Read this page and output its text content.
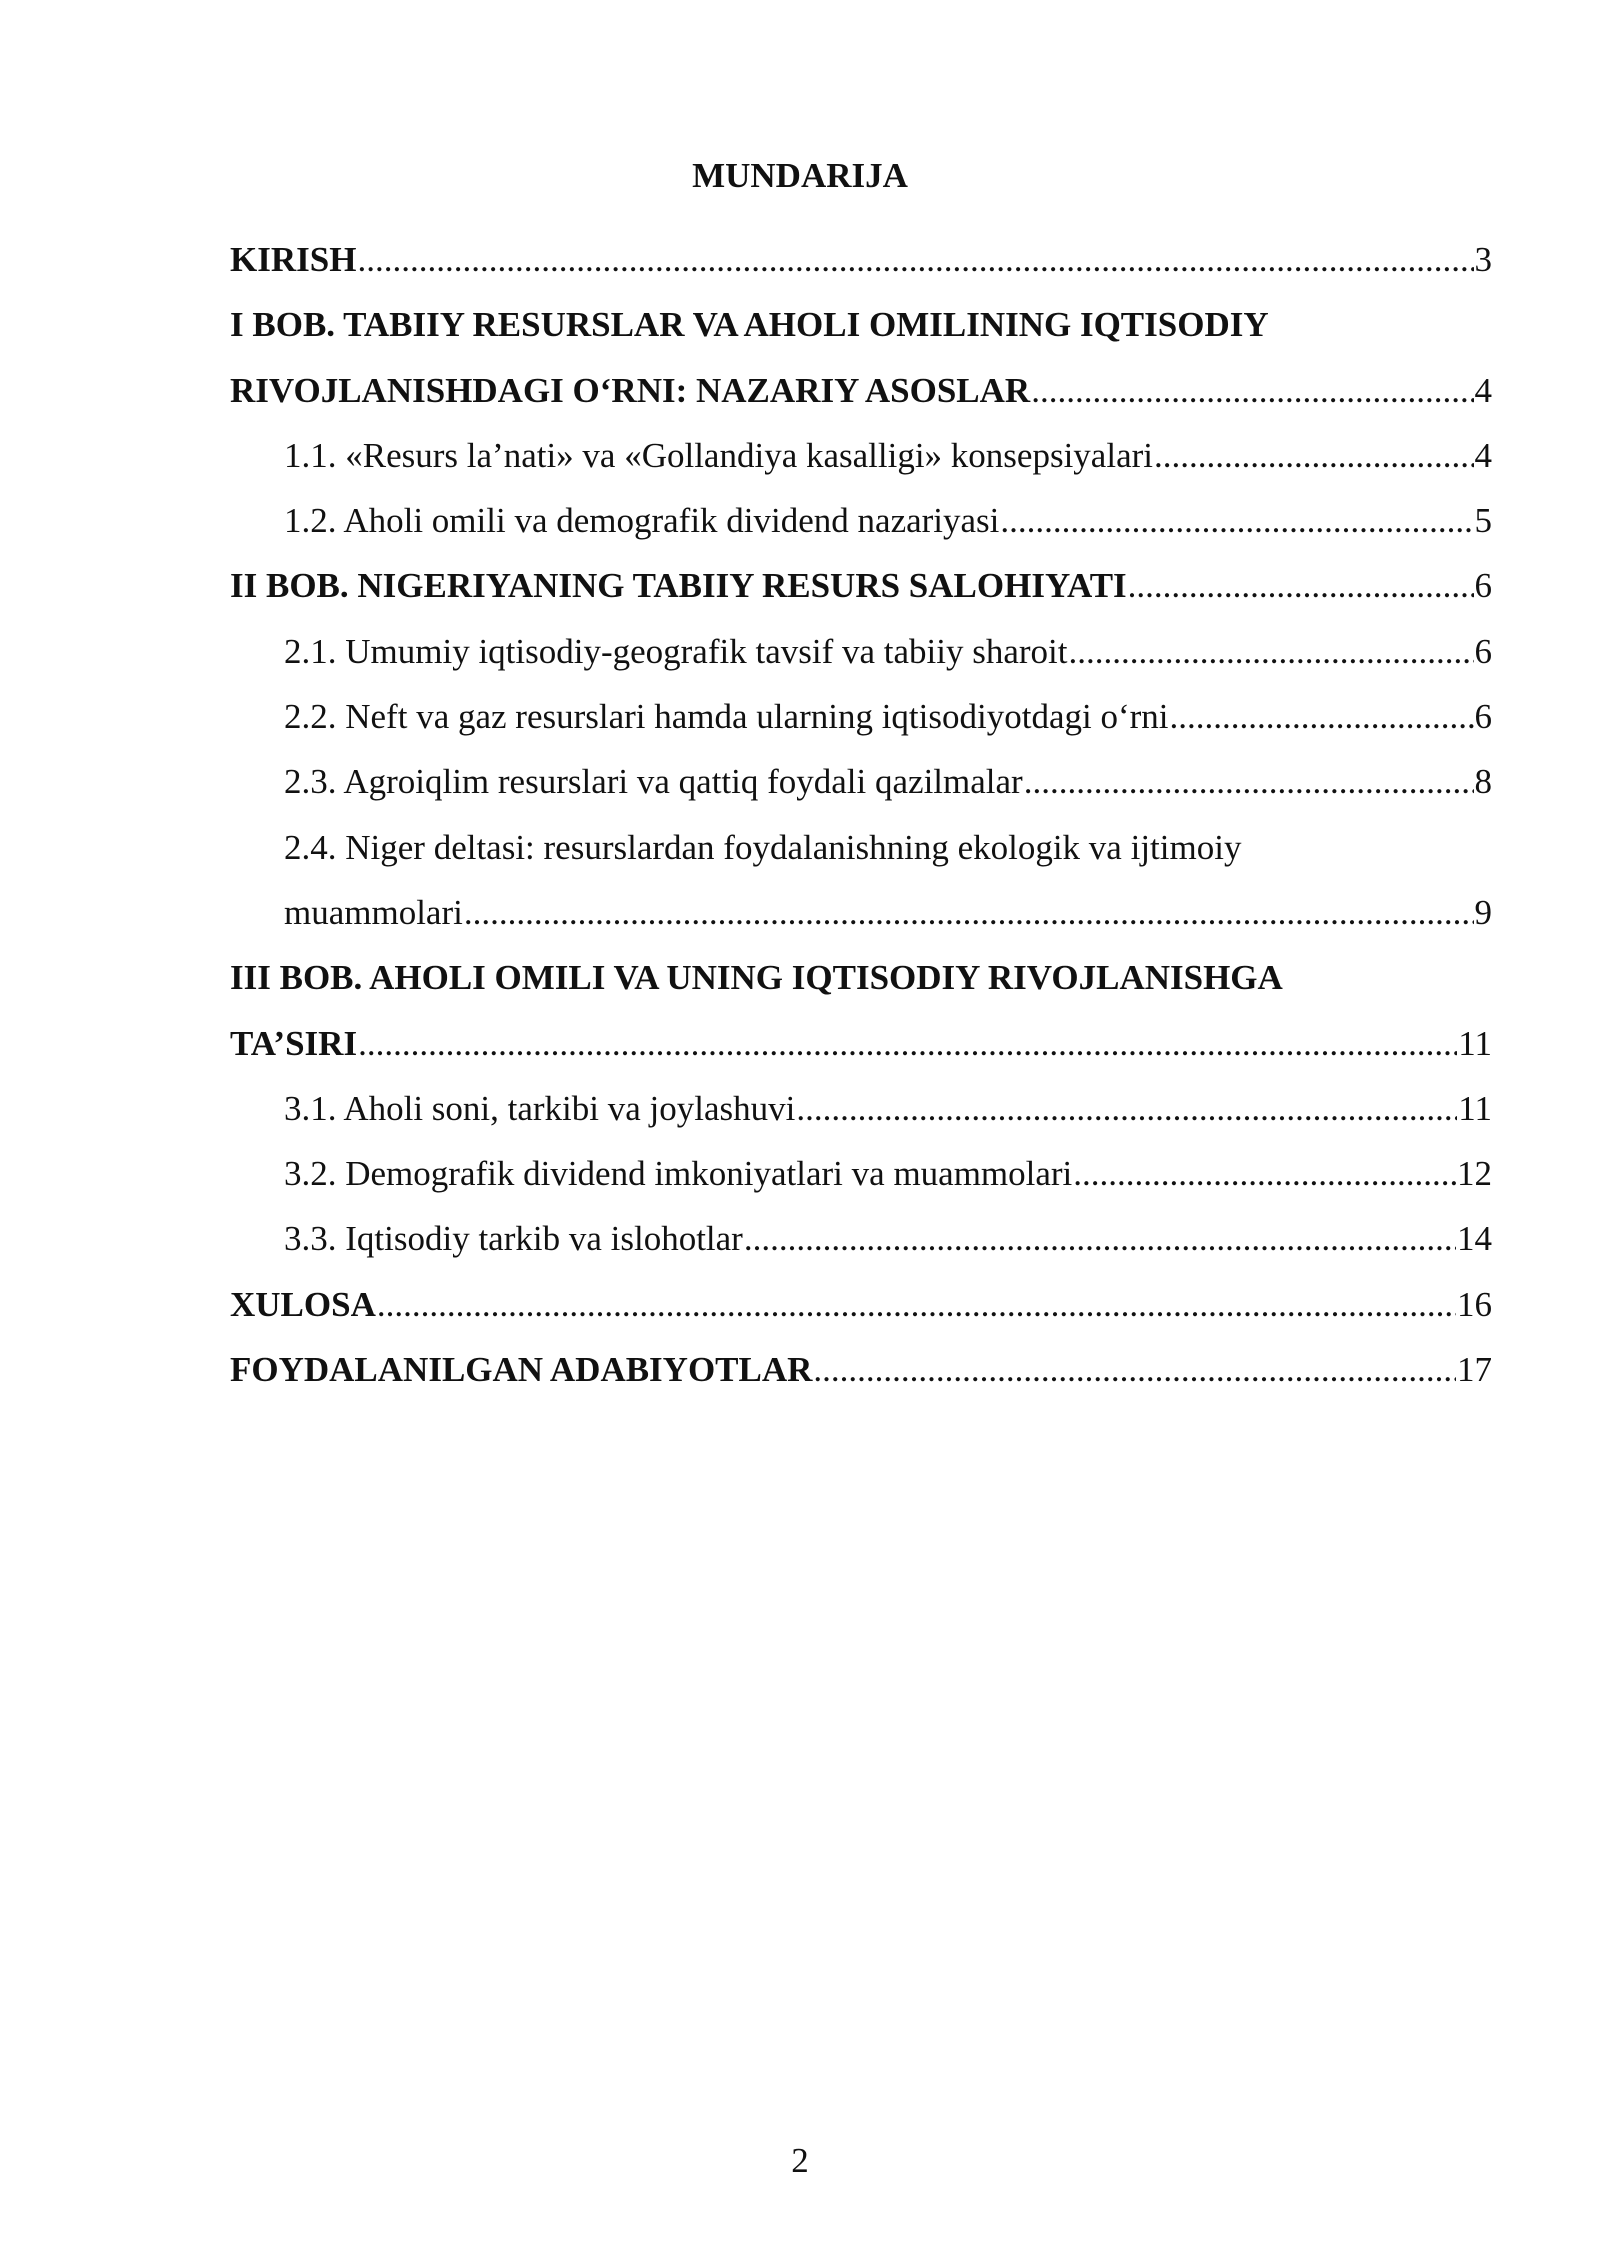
MUNDARIJA
KIRISH .....	3
I BOB. TABIIY RESURSLAR VA AHOLI OMILINING IQTISODIY
RIVOJLANISHDAGI O‘RNI: NAZARIY ASOSLAR .....	4
1.1. «Resurs la’nati» va «Gollandiya kasalligi» konsepsiyalari .....	4
1.2. Aholi omili va demografik dividend nazariyasi .....	5
II BOB. NIGERIYANING TABIIY RESURS SALOHIYATI .....	6
2.1. Umumiy iqtisodiy-geografik tavsif va tabiiy sharoit .....	6
2.2. Neft va gaz resurslari hamda ularning iqtisodiyotdagi o‘rni .....	6
2.3. Agroiqlim resurslari va qattiq foydali qazilmalar .....	8
2.4. Niger deltasi: resurslardan foydalanishning ekologik va ijtimoiy
muammolari .....	9
III BOB. AHOLI OMILI VA UNING IQTISODIY RIVOJLANISHGA
TA’SIRI .....	11
3.1. Aholi soni, tarkibi va joylashuvi .....	11
3.2. Demografik dividend imkoniyatlari va muammolari .....	12
3.3. Iqtisodiy tarkib va islohotlar .....	14
XULOSA .....	16
FOYDALANILGAN ADABIYOTLAR .....	17
2
